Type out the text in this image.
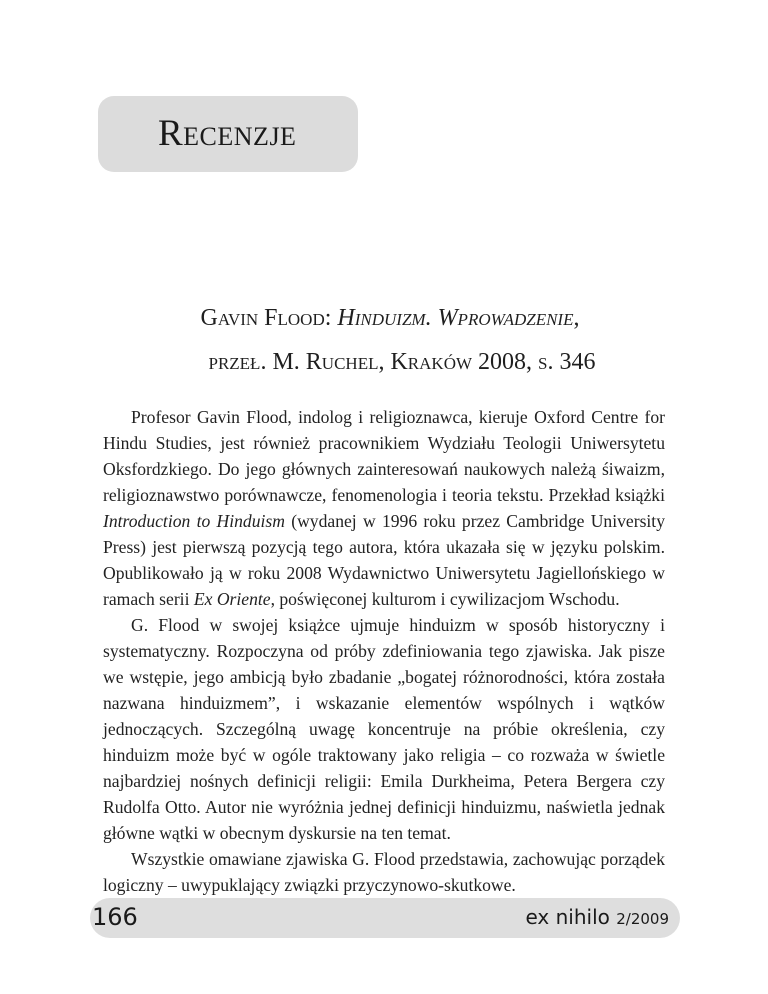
Recenzje
Gavin Flood: Hinduizm. Wprowadzenie,
przeł. M. Ruchel, Kraków 2008, s. 346

Profesor Gavin Flood, indolog i religioznawca, kieruje Oxford Centre for Hindu Studies, jest również pracownikiem Wydziału Teologii Uniwersytetu Oksfordzkiego. Do jego głównych zainteresowań naukowych należą śiwaizm, religioznawstwo porównawcze, fenomenologia i teoria tekstu. Przekład książki Introduction to Hinduism (wydanej w 1996 roku przez Cambridge University Press) jest pierwszą pozycją tego autora, która ukazała się w języku polskim. Opublikowało ją w roku 2008 Wydawnictwo Uniwersytetu Jagiellońskiego w ramach serii Ex Oriente, poświęconej kulturom i cywilizacjom Wschodu.

G. Flood w swojej książce ujmuje hinduizm w sposób historyczny i systematyczny. Rozpoczyna od próby zdefiniowania tego zjawiska. Jak pisze we wstępie, jego ambicją było zbadanie „bogatej różnorodności, która została nazwana hinduizmem”, i wskazanie elementów wspólnych i wątków jednoczących. Szczególną uwagę koncentruje na próbie określenia, czy hinduizm może być w ogóle traktowany jako religia – co rozważa w świetle najbardziej nośnych definicji religii: Emila Durkheima, Petera Bergera czy Rudolfa Otto. Autor nie wyróżnia jednej definicji hinduizmu, naświetla jednak główne wątki w obecnym dyskursie na ten temat.

Wszystkie omawiane zjawiska G. Flood przedstawia, zachowując porządek logiczny – uwypuklający związki przyczynowo-skutkowe.

166	ex nihilo 2/2009
